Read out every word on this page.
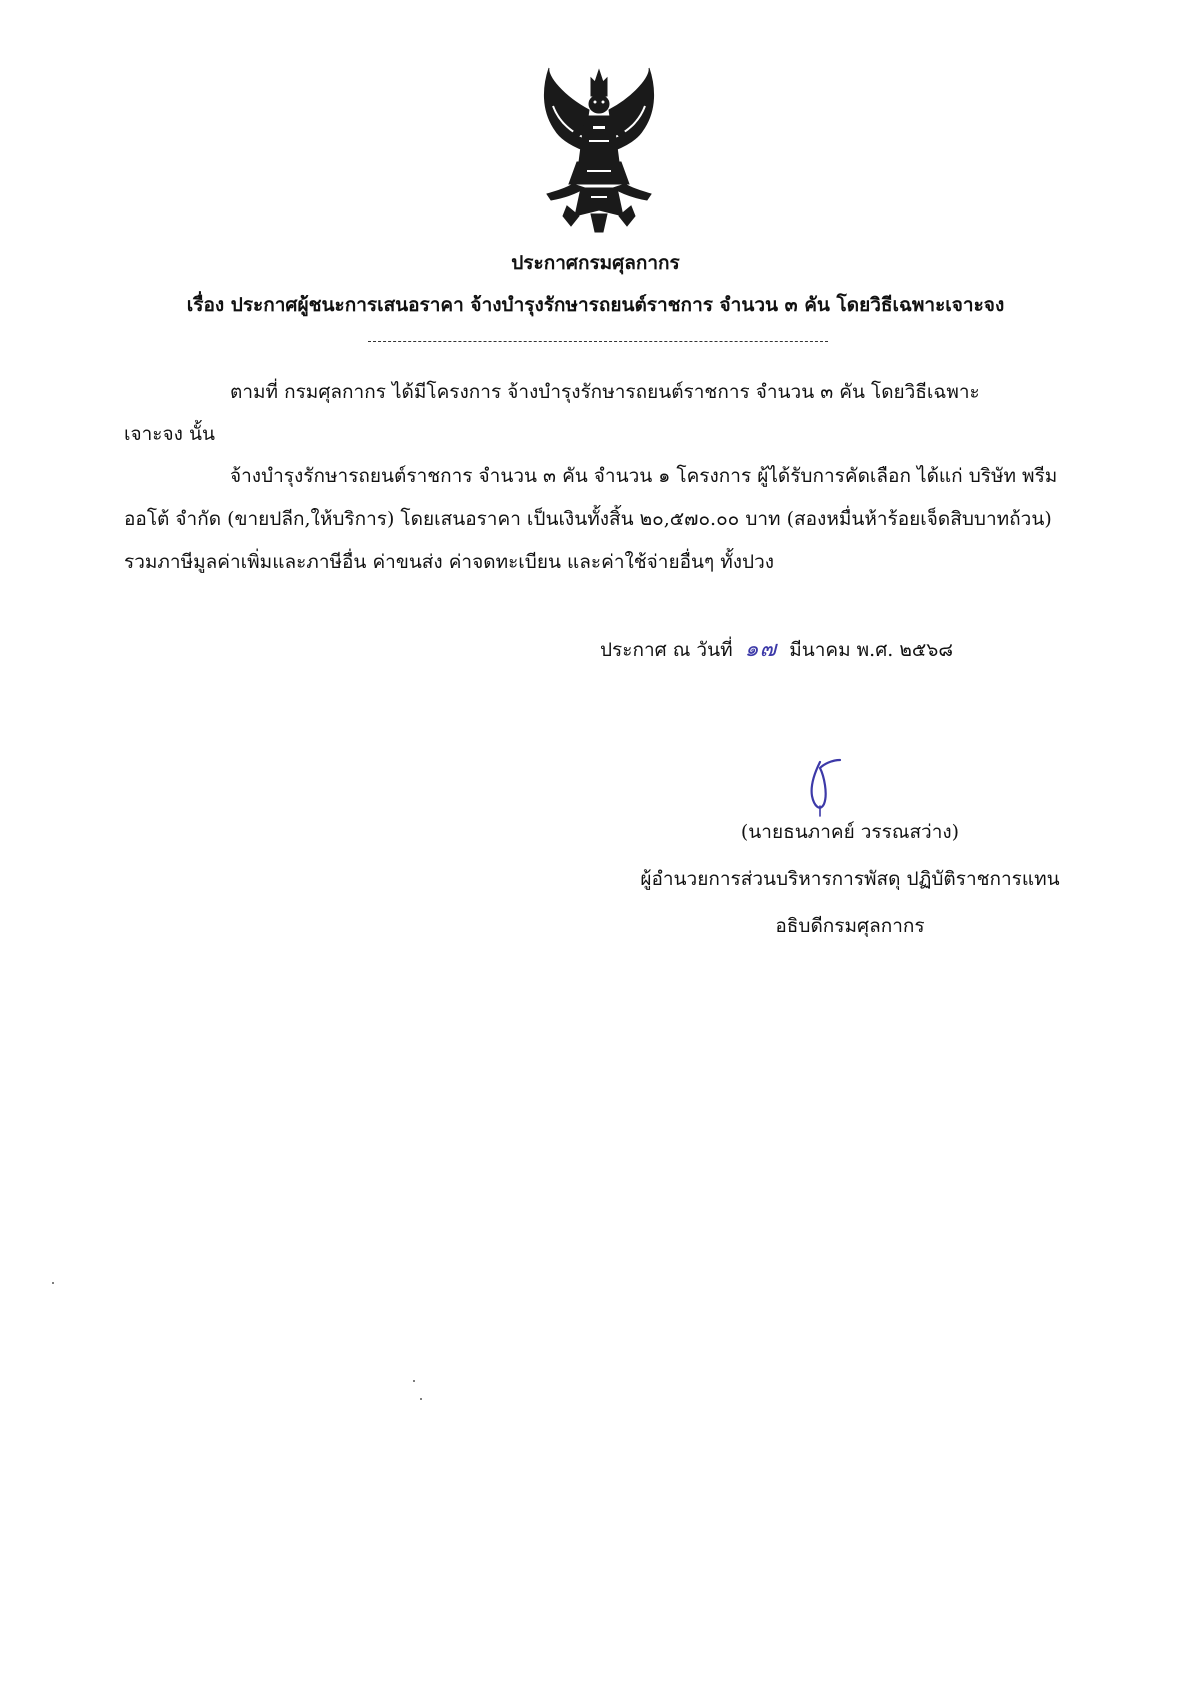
ประกาศกรมศุลกากร
เรื่อง ประกาศผู้ชนะการเสนอราคา จ้างบำรุงรักษารถยนต์ราชการ จำนวน ๓ คัน โดยวิธีเฉพาะเจาะจง
ตามที่ กรมศุลกากร ได้มีโครงการ จ้างบำรุงรักษารถยนต์ราชการ จำนวน ๓ คัน โดยวิธีเฉพาะ
เจาะจง นั้น
จ้างบำรุงรักษารถยนต์ราชการ จำนวน ๓ คัน จำนวน ๑ โครงการ ผู้ได้รับการคัดเลือก ได้แก่ บริษัท พรีม
ออโต้ จำกัด (ขายปลีก,ให้บริการ) โดยเสนอราคา เป็นเงินทั้งสิ้น ๒๐,๕๗๐.๐๐ บาท (สองหมื่นห้าร้อยเจ็ดสิบบาทถ้วน)
รวมภาษีมูลค่าเพิ่มและภาษีอื่น ค่าขนส่ง ค่าจดทะเบียน และค่าใช้จ่ายอื่นๆ ทั้งปวง
ประกาศ ณ วันที่ ๑๗ มีนาคม พ.ศ. ๒๕๖๘
(นายธนภาคย์ วรรณสว่าง)
ผู้อำนวยการส่วนบริหารการพัสดุ ปฏิบัติราชการแทน
อธิบดีกรมศุลกากร
